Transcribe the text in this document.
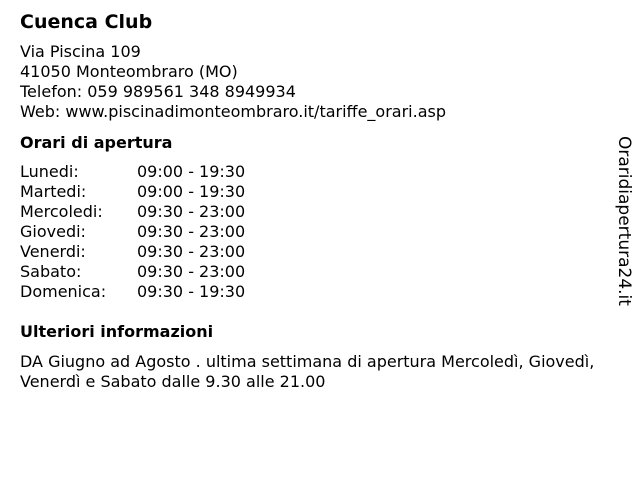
Cuenca Club
Via Piscina 109
41050 Monteombraro (MO)
Telefon: 059 989561 348 8949934
Web: www.piscinadimonteombraro.it/tariffe_orari.asp
Orari di apertura
Lunedi:	09:00 - 19:30
Martedi:	09:00 - 19:30
Mercoledi: 09:30 - 23:00
Giovedi:	09:30 - 23:00
Venerdi:	09:30 - 23:00
Sabato:	09:30 - 23:00
Domenica: 09:30 - 19:30
Ulteriori informazioni
DA Giugno ad Agosto . ultima settimana di apertura Mercoledì, Giovedì, Venerdì e Sabato dalle 9.30 alle 21.00
Oraridiapertura24.it
